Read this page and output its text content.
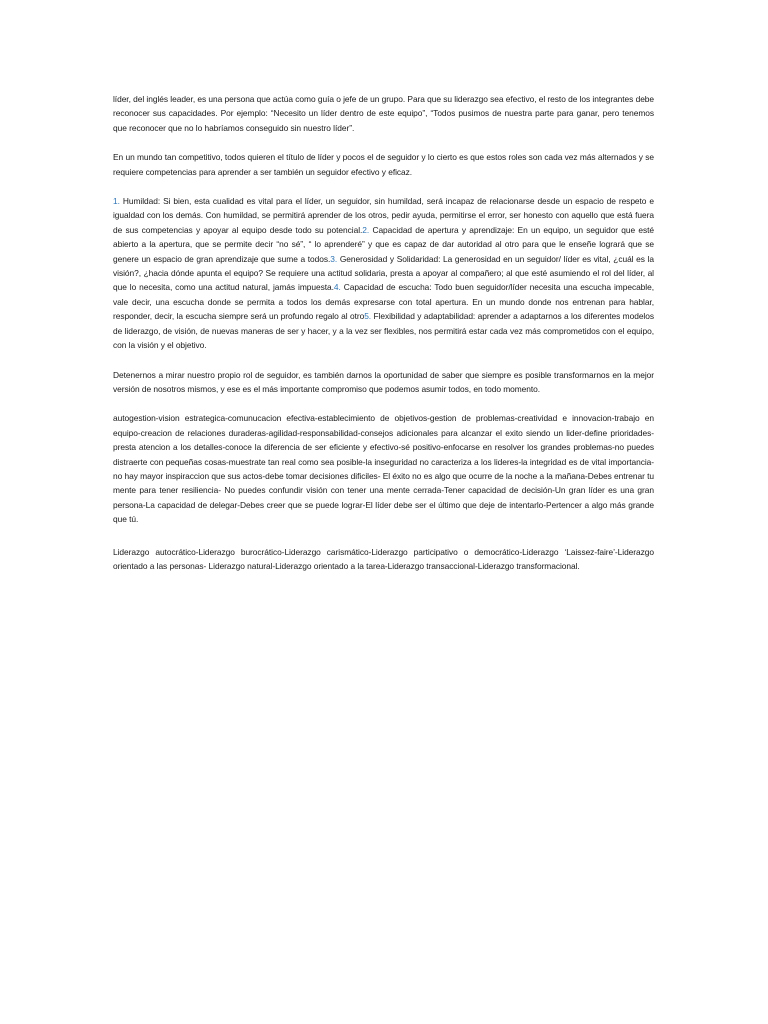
líder, del inglés leader, es una persona que actúa como guía o jefe de un grupo. Para que su liderazgo sea efectivo, el resto de los integrantes debe reconocer sus capacidades. Por ejemplo: “Necesito un líder dentro de este equipo”, “Todos pusimos de nuestra parte para ganar, pero tenemos que reconocer que no lo habríamos conseguido sin nuestro líder”.

En un mundo tan competitivo, todos quieren el título de líder y pocos el de seguidor y lo cierto es que estos roles son cada vez más alternados y se requiere competencias para aprender a ser también un seguidor efectivo y eficaz.

1. Humildad: Si bien, esta cualidad es vital para el líder, un seguidor, sin humildad, será incapaz de relacionarse desde un espacio de respeto e igualdad con los demás. Con humildad, se permitirá aprender de los otros, pedir ayuda, permitirse el error, ser honesto con aquello que está fuera de sus competencias y apoyar al equipo desde todo su potencial.2. Capacidad de apertura y aprendizaje: En un equipo, un seguidor que esté abierto a la apertura, que se permite decir “no sé”, “ lo aprenderé” y que es capaz de dar autoridad al otro para que le enseñe logrará que se genere un espacio de gran aprendizaje que sume a todos.3. Generosidad y Solidaridad: La generosidad en un seguidor/ líder es vital, ¿cuál es la visión?, ¿hacia dónde apunta el equipo? Se requiere una actitud solidaria, presta a apoyar al compañero; al que esté asumiendo el rol del líder, al que lo necesita, como una actitud natural, jamás impuesta.4. Capacidad de escucha: Todo buen seguidor/líder necesita una escucha impecable, vale decir, una escucha donde se permita a todos los demás expresarse con total apertura. En un mundo donde nos entrenan para hablar, responder, decir, la escucha siempre será un profundo regalo al otro5. Flexibilidad y adaptabilidad: aprender a adaptarnos a los diferentes modelos de liderazgo, de visión, de nuevas maneras de ser y hacer, y a la vez ser flexibles, nos permitirá estar cada vez más comprometidos con el equipo, con la visión y el objetivo.

Detenernos a mirar nuestro propio rol de seguidor, es también darnos la oportunidad de saber que siempre es posible transformarnos en la mejor versión de nosotros mismos, y ese es el más importante compromiso que podemos asumir todos, en todo momento.

autogestion-vision estrategica-comunucacion efectiva-establecimiento de objetivos-gestion de problemas-creatividad e innovacion-trabajo en equipo-creacion de relaciones duraderas-agilidad-responsabilidad-consejos adicionales para alcanzar el exito siendo un lider-define prioridades-presta atencion a los detalles-conoce la diferencia de ser eficiente y efectivo-sé positivo-enfocarse en resolver los grandes problemas-no puedes distraerte con pequeñas cosas-muestrate tan real como sea posible-la inseguridad no caracteriza a los lideres-la integridad es de vital importancia-no hay mayor inspiraccion que sus actos-debe tomar decisiones dificiles- El éxito no es algo que ocurre de la noche a la mañana-Debes entrenar tu mente para tener resiliencia- No puedes confundir visión con tener una mente cerrada-Tener capacidad de decisión-Un gran líder es una gran persona-La capacidad de delegar-Debes creer que se puede lograr-El líder debe ser el último que deje de intentarlo-Pertencer a algo más grande que tú.

Liderazgo autocrático-Liderazgo burocrático-Liderazgo carismático-Liderazgo participativo o democrático-Liderazgo ‘Laissez-faire’-Liderazgo orientado a las personas- Liderazgo natural-Liderazgo orientado a la tarea-Liderazgo transaccional-Liderazgo transformacional.
